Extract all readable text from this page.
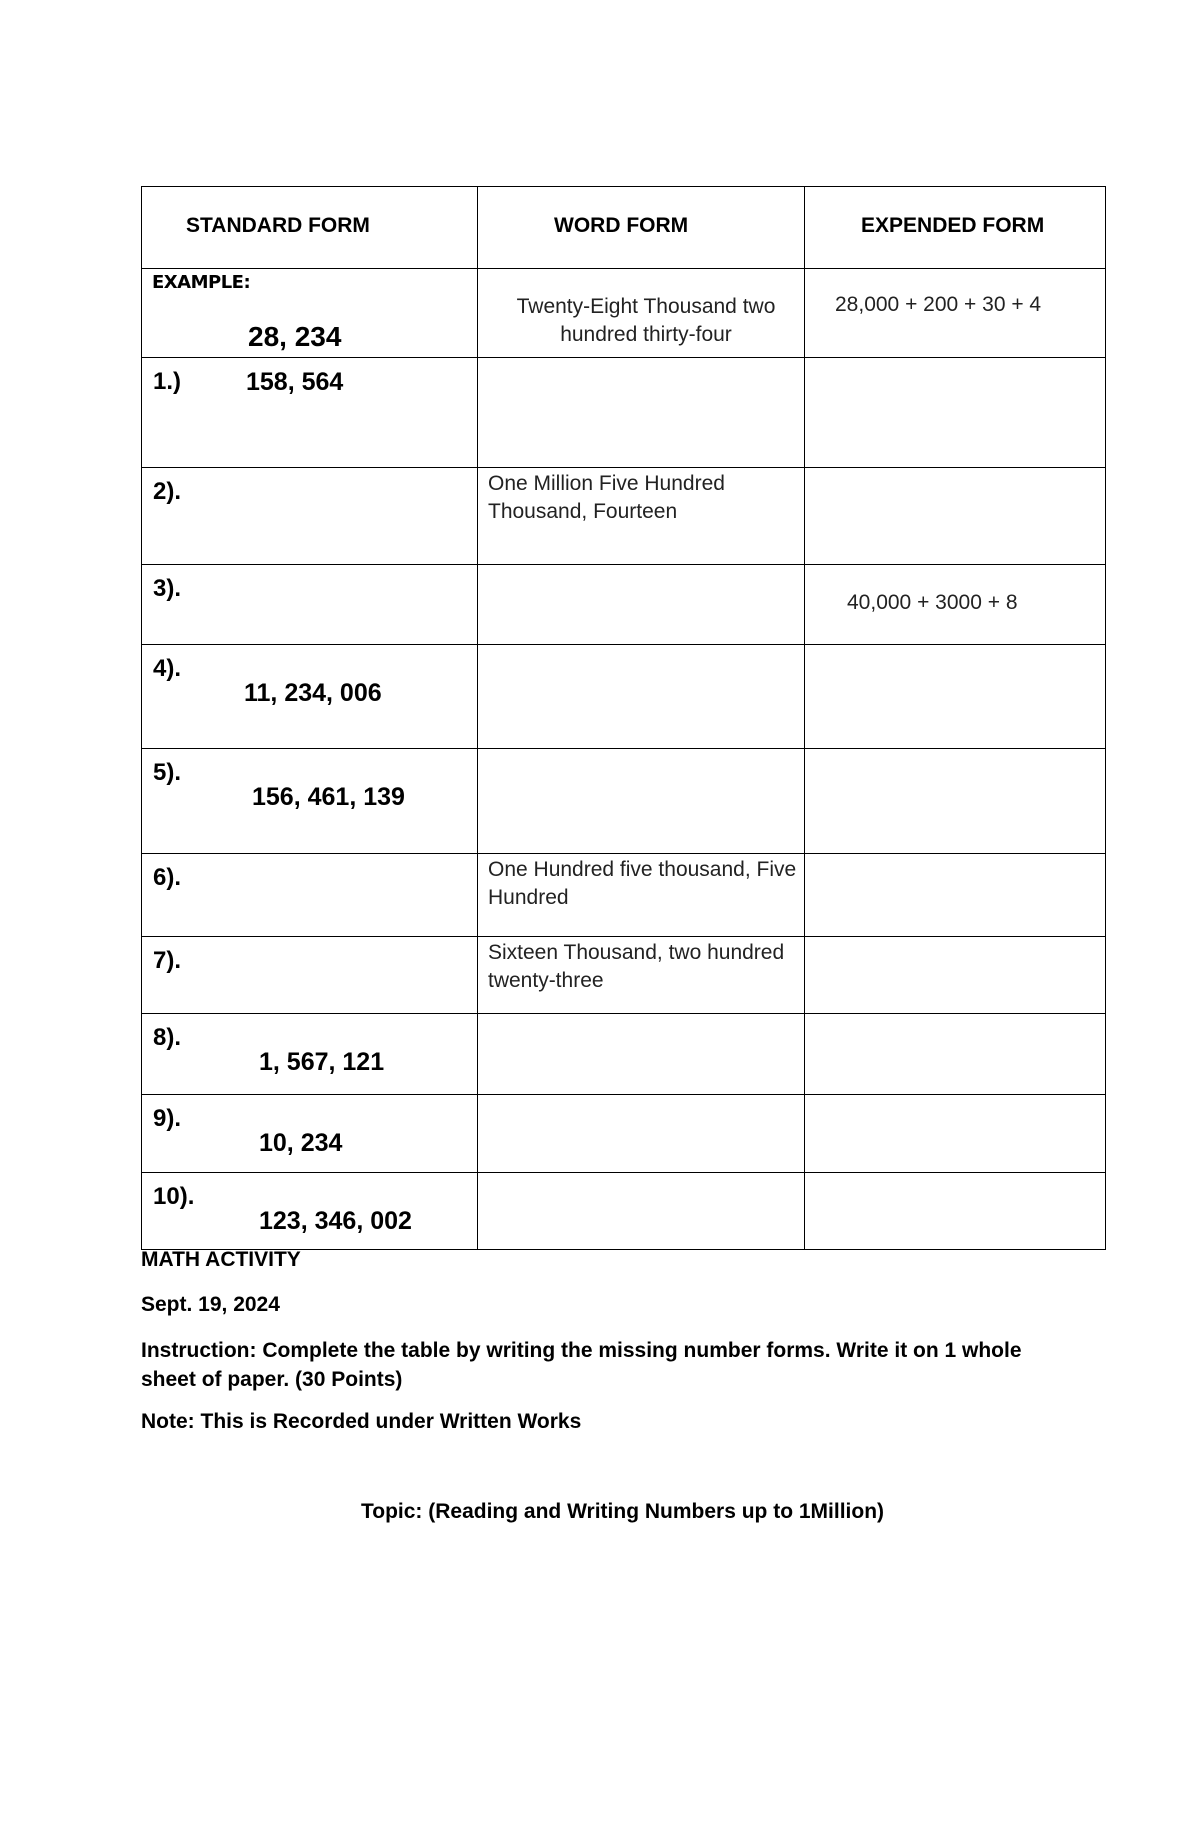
STANDARD FORM	WORD FORM	EXPENDED FORM

EXAMPLE:
28, 234	Twenty-Eight Thousand two hundred thirty-four	28,000 + 200 + 30 + 4

1.) 158, 564		

2).	One Million Five Hundred Thousand, Fourteen	

3).		40,000 + 3000 + 8

4).
11, 234, 006		

5).
156, 461, 139		

6).	One Hundred five thousand, Five Hundred	

7).	Sixteen Thousand, two hundred twenty-three	

8).
1, 567, 121		

9).
10, 234		

10).
123, 346, 002		

MATH ACTIVITY
Sept. 19, 2024
Instruction: Complete the table by writing the missing number forms. Write it on 1 whole sheet of paper. (30 Points)
Note: This is Recorded under Written Works
Topic: (Reading and Writing Numbers up to 1Million)
